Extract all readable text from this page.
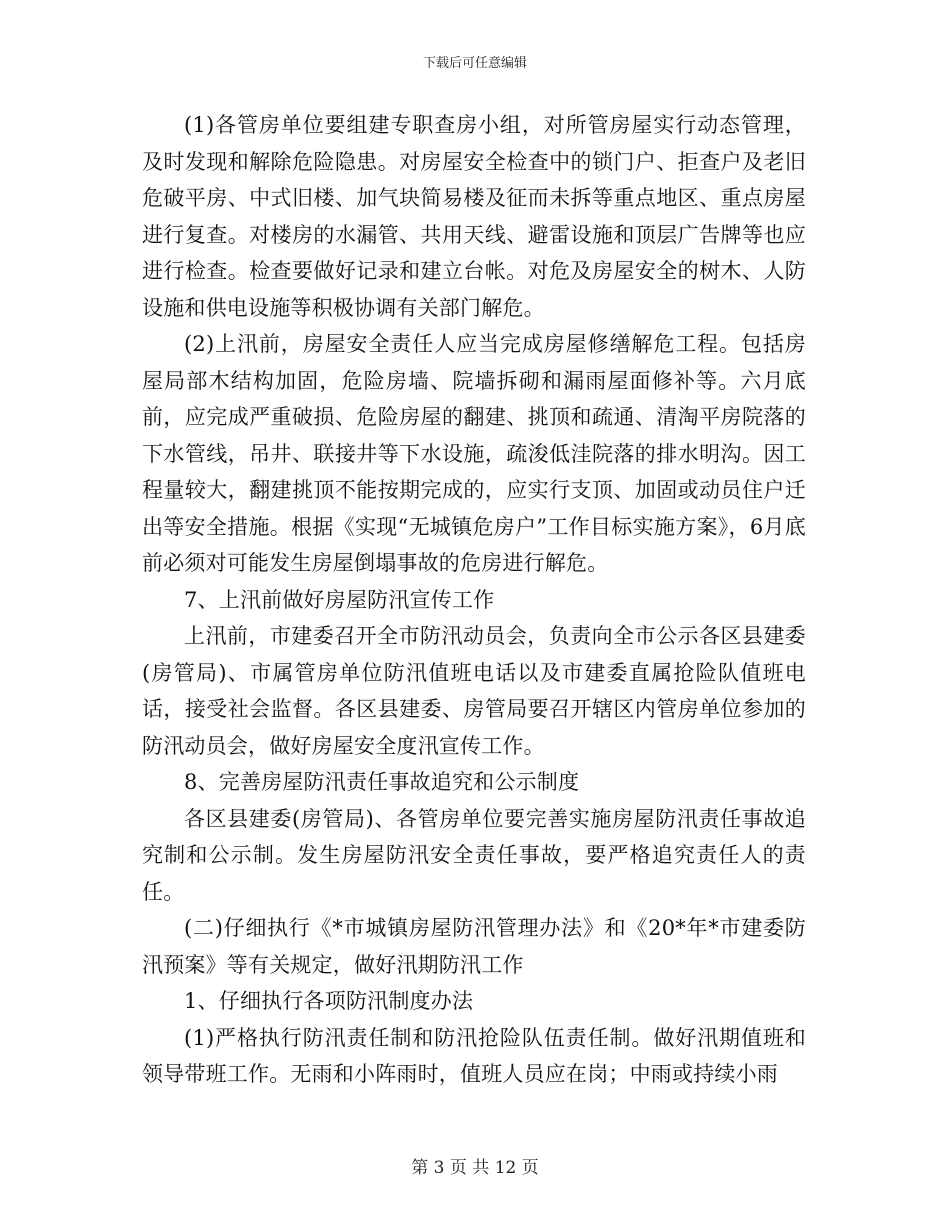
下载后可任意编辑

(1)各管房单位要组建专职查房小组，对所管房屋实行动态管理，及时发现和解除危险隐患。对房屋安全检查中的锁门户、拒查户及老旧危破平房、中式旧楼、加气块简易楼及征而未拆等重点地区、重点房屋进行复查。对楼房的水漏管、共用天线、避雷设施和顶层广告牌等也应进行检查。检查要做好记录和建立台帐。对危及房屋安全的树木、人防设施和供电设施等积极协调有关部门解危。

(2)上汛前，房屋安全责任人应当完成房屋修缮解危工程。包括房屋局部木结构加固，危险房墙、院墙拆砌和漏雨屋面修补等。六月底前，应完成严重破损、危险房屋的翻建、挑顶和疏通、清淘平房院落的下水管线，吊井、联接井等下水设施，疏浚低洼院落的排水明沟。因工程量较大，翻建挑顶不能按期完成的，应实行支顶、加固或动员住户迁出等安全措施。根据《实现“无城镇危房户”工作目标实施方案》，6月底前必须对可能发生房屋倒塌事故的危房进行解危。

7、上汛前做好房屋防汛宣传工作

上汛前，市建委召开全市防汛动员会，负责向全市公示各区县建委(房管局)、市属管房单位防汛值班电话以及市建委直属抢险队值班电话，接受社会监督。各区县建委、房管局要召开辖区内管房单位参加的防汛动员会，做好房屋安全度汛宣传工作。

8、完善房屋防汛责任事故追究和公示制度

各区县建委(房管局)、各管房单位要完善实施房屋防汛责任事故追究制和公示制。发生房屋防汛安全责任事故，要严格追究责任人的责任。

(二)仔细执行《*市城镇房屋防汛管理办法》和《20*年*市建委防汛预案》等有关规定，做好汛期防汛工作

1、仔细执行各项防汛制度办法

(1)严格执行防汛责任制和防汛抢险队伍责任制。做好汛期值班和领导带班工作。无雨和小阵雨时，值班人员应在岗；中雨或持续小雨

第 3 页 共 12 页
